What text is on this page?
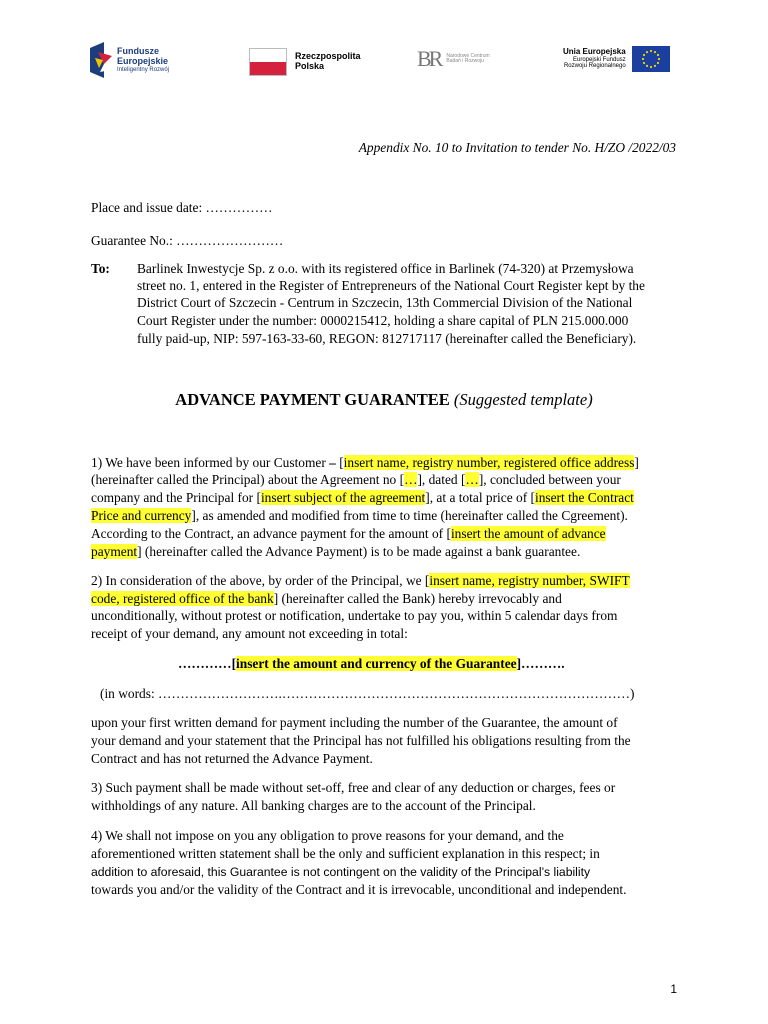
Fundusze
Europejskie
Inteligentny Rozwój
Rzeczpospolita
Polska	BR Narodowe Centrum
Badań i Rozwoju
Unia Europejska
Europejski Fundusz
Rozwoju Regionalnego
Appendix No. 10 to Invitation to tender No. H/ZO /2022/03
Place and issue date: ……………
Guarantee No.: ……………………
To: Barlinek Inwestycje Sp. z o.o. with its registered office in Barlinek (74-320) at Przemysłowa
street no. 1, entered in the Register of Entrepreneurs of the National Court Register kept by the
District Court of Szczecin - Centrum in Szczecin, 13th Commercial Division of the National
Court Register under the number: 0000215412, holding a share capital of PLN 215.000.000
fully paid-up, NIP: 597-163-33-60, REGON: 812717117 (hereinafter called the Beneficiary).
ADVANCE PAYMENT GUARANTEE (Suggested template)
1) We have been informed by our Customer – [insert name, registry number, registered office address]
(hereinafter called the Principal) about the Agreement no […], dated […], concluded between your
company and the Principal for [insert subject of the agreement], at a total price of [insert the Contract
Price and currency], as amended and modified from time to time (hereinafter called the Cgreement).
According to the Contract, an advance payment for the amount of [insert the amount of advance
payment] (hereinafter called the Advance Payment) is to be made against a bank guarantee.
2) In consideration of the above, by order of the Principal, we [insert name, registry number, SWIFT
code, registered office of the bank] (hereinafter called the Bank) hereby irrevocably and
unconditionally, without protest or notification, undertake to pay you, within 5 calendar days from
receipt of your demand, any amount not exceeding in total:
…………[insert the amount and currency of the Guarantee]……….
(in words: ……………………….……………………………………………………………………)
upon your first written demand for payment including the number of the Guarantee, the amount of
your demand and your statement that the Principal has not fulfilled his obligations resulting from the
Contract and has not returned the Advance Payment.
3) Such payment shall be made without set-off, free and clear of any deduction or charges, fees or
withholdings of any nature. All banking charges are to the account of the Principal.
4) We shall not impose on you any obligation to prove reasons for your demand, and the
aforementioned written statement shall be the only and sufficient explanation in this respect; in
addition to aforesaid, this Guarantee is not contingent on the validity of the Principal’s liability
towards you and/or the validity of the Contract and it is irrevocable, unconditional and independent.
1
